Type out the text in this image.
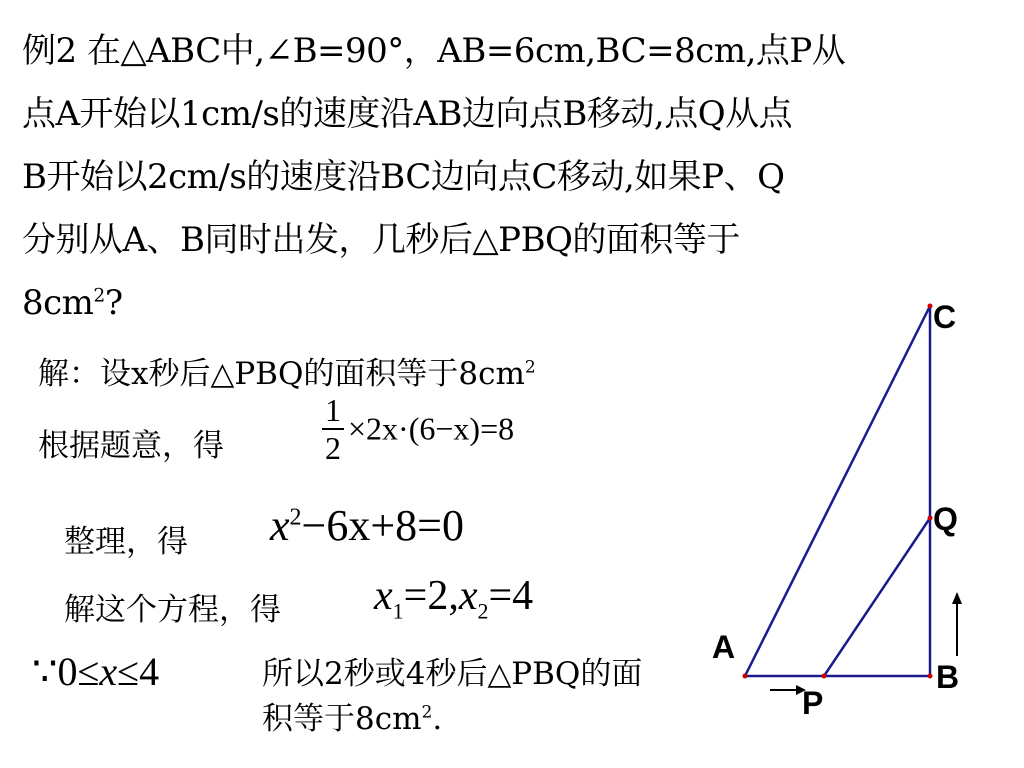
例2 在△ABC中,∠B=90°，AB=6cm,BC=8cm,点P从
点A开始以1cm/s的速度沿AB边向点B移动,点Q从点
B开始以2cm/s的速度沿BC边向点C移动,如果P、Q
分别从A、B同时出发，几秒后△PBQ的面积等于
$8cm^2$?
解：设x秒后△PBQ的面积等于$8cm^2$
根据题意，得	$\frac{1}{2} \times 2x\cdot(6-x)=8$
整理，得 $x^2-6x+8=0$
解这个方程，得 $x_1=2,x_2=4$
∵0≤x≤4	所以2秒或4秒后△PBQ的面
积等于$8cm^2$.
C
Q
A
B
P
